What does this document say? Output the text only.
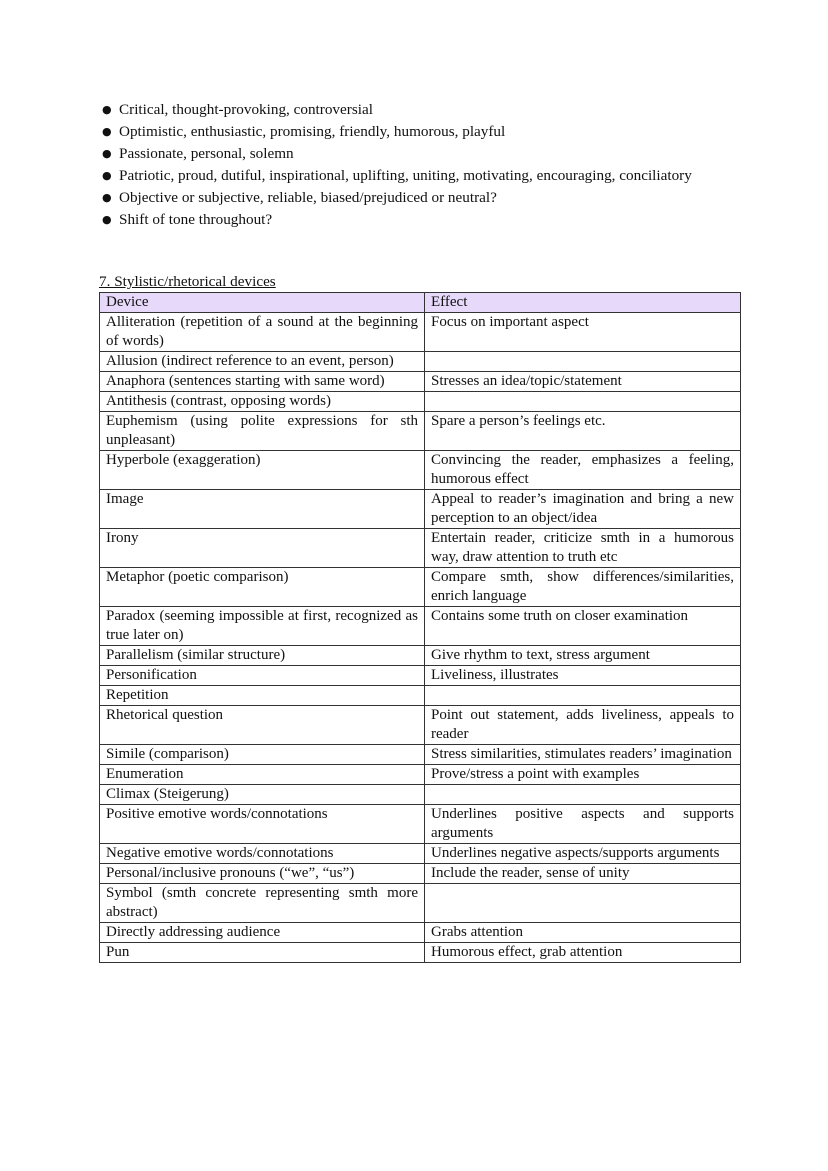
● Critical, thought-provoking, controversial
● Optimistic, enthusiastic, promising, friendly, humorous, playful
● Passionate, personal, solemn
● Patriotic, proud, dutiful, inspirational, uplifting, uniting, motivating, encouraging, conciliatory
● Objective or subjective, reliable, biased/prejudiced or neutral?
● Shift of tone throughout?
7. Stylistic/rhetorical devices
Device	Effect
Alliteration (repetition of a sound at the beginning of words)	Focus on important aspect
Allusion (indirect reference to an event, person)	
Anaphora (sentences starting with same word)	Stresses an idea/topic/statement
Antithesis (contrast, opposing words)	
Euphemism (using polite expressions for sth unpleasant)	Spare a person’s feelings etc.
Hyperbole (exaggeration)	Convincing the reader, emphasizes a feeling, humorous effect
Image	Appeal to reader’s imagination and bring a new perception to an object/idea
Irony	Entertain reader, criticize smth in a humorous way, draw attention to truth etc
Metaphor (poetic comparison)	Compare smth, show differences/similarities, enrich language
Paradox (seeming impossible at first, recognized as true later on)	Contains some truth on closer examination
Parallelism (similar structure)	Give rhythm to text, stress argument
Personification	Liveliness, illustrates
Repetition	
Rhetorical question	Point out statement, adds liveliness, appeals to reader
Simile (comparison)	Stress similarities, stimulates readers’ imagination
Enumeration	Prove/stress a point with examples
Climax (Steigerung)	
Positive emotive words/connotations	Underlines positive aspects and supports arguments
Negative emotive words/connotations	Underlines negative aspects/supports arguments
Personal/inclusive pronouns (“we”, “us”)	Include the reader, sense of unity
Symbol (smth concrete representing smth more abstract)	
Directly addressing audience	Grabs attention
Pun	Humorous effect, grab attention
